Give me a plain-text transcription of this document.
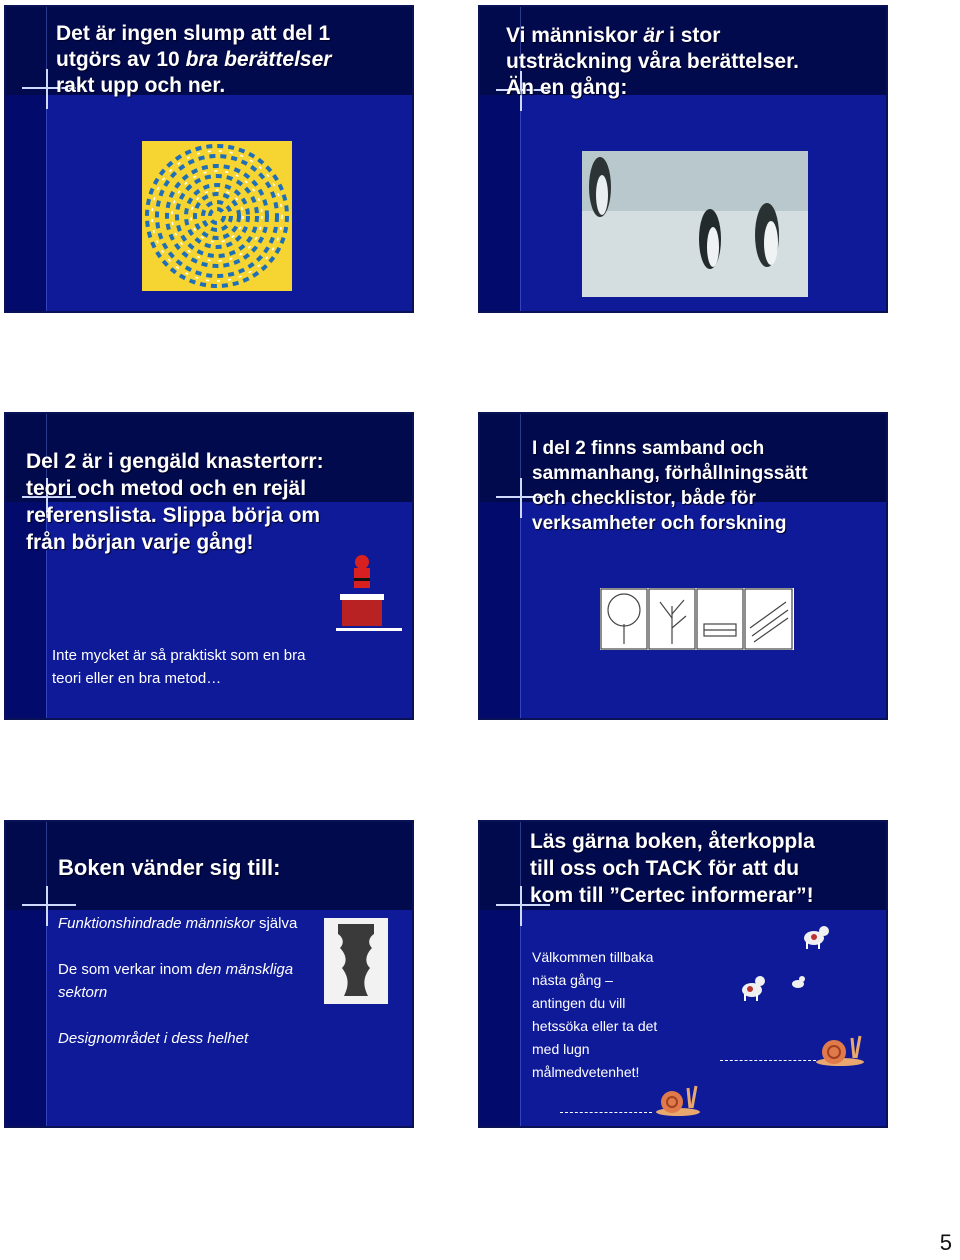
Det är ingen slump att del 1
utgörs av 10 bra berättelser
rakt upp och ner.
Vi människor är i stor
utsträckning våra berättelser.
Än en gång:
Del 2 är i gengäld knastertorr:
teori och metod och en rejäl
referenslista. Slippa börja om
från början varje gång!
Inte mycket är så praktiskt som en bra
teori eller en bra metod…
I del 2 finns samband och
sammanhang, förhållningssätt
och checklistor, både för
verksamheter och forskning
Boken vänder sig till:
Funktionshindrade människor själva
De som verkar inom den mänskliga
sektorn
Designområdet i dess helhet
Läs gärna boken, återkoppla
till oss och TACK för att du
kom till ”Certec informerar”!
Välkommen tillbaka
nästa gång –
antingen du vill
hetssöka eller ta det
med lugn
målmedvetenhet!
5
